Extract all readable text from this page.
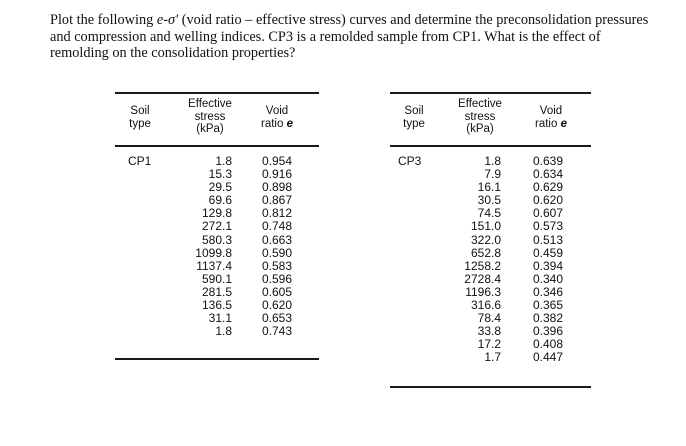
Plot the following e-σ′ (void ratio – effective stress) curves and determine the preconsolidation pressures and compression and welling indices. CP3 is a remolded sample from CP1. What is the effect of remolding on the consolidation properties?

Soil
type
Effective
stress
(kPa)
Void
ratio e
CP1	1.8
15.3
29.5
69.6
129.8
272.1
580.3
1099.8
1137.4
590.1
281.5
136.5
31.1
1.8
0.954
0.916
0.898
0.867
0.812
0.748
0.663
0.590
0.583
0.596
0.605
0.620
0.653
0.743
Soil
type
Effective
stress
(kPa)
Void
ratio e
CP3	1.8
7.9
16.1
30.5
74.5
151.0
322.0
652.8
1258.2
2728.4
1196.3
316.6
78.4
33.8
17.2
1.7
0.639
0.634
0.629
0.620
0.607
0.573
0.513
0.459
0.394
0.340
0.346
0.365
0.382
0.396
0.408
0.447
